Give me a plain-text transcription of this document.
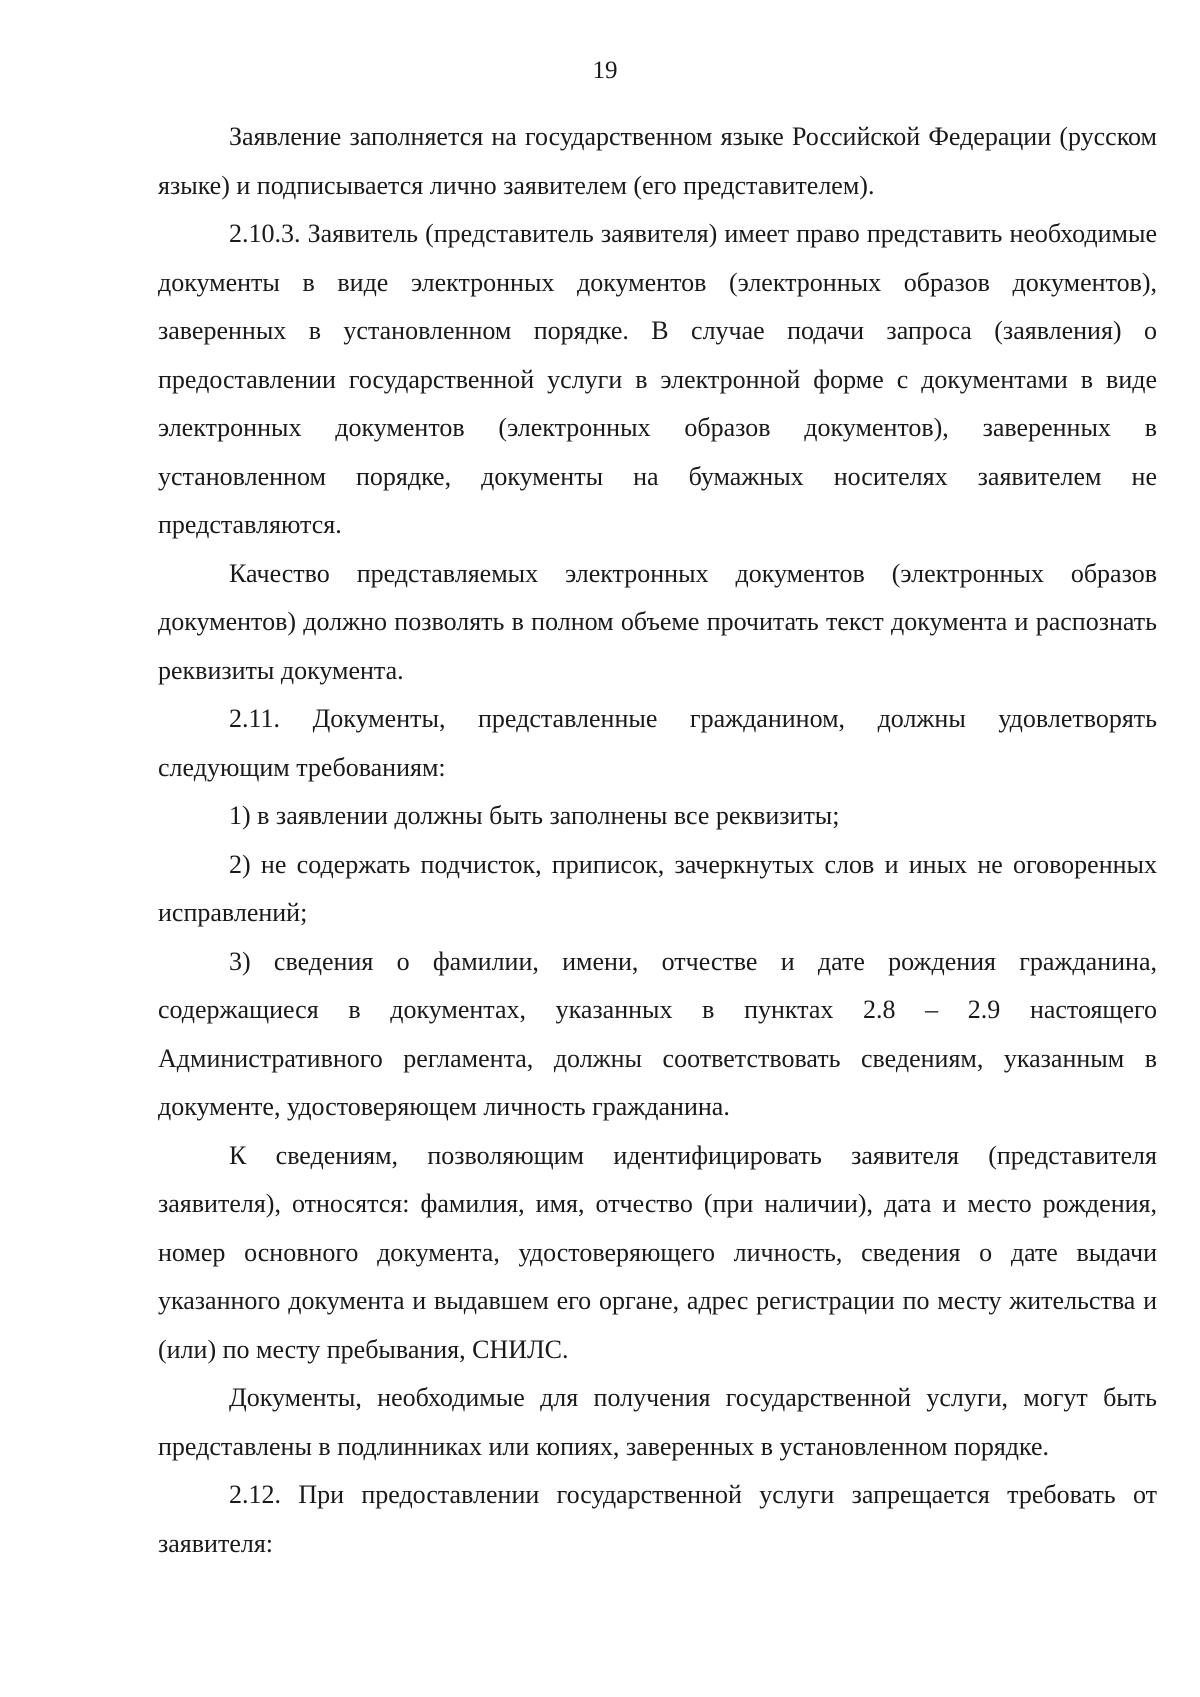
19

Заявление заполняется на государственном языке Российской Федерации (русском языке) и подписывается лично заявителем (его представителем).

2.10.3. Заявитель (представитель заявителя) имеет право представить необходимые документы в виде электронных документов (электронных образов документов), заверенных в установленном порядке. В случае подачи запроса (заявления) о предоставлении государственной услуги в электронной форме с документами в виде электронных документов (электронных образов документов), заверенных в установленном порядке, документы на бумажных носителях заявителем не представляются.

Качество представляемых электронных документов (электронных образов документов) должно позволять в полном объеме прочитать текст документа и распознать реквизиты документа.

2.11. Документы, представленные гражданином, должны удовлетворять следующим требованиям:

1) в заявлении должны быть заполнены все реквизиты;

2) не содержать подчисток, приписок, зачеркнутых слов и иных не оговоренных исправлений;

3) сведения о фамилии, имени, отчестве и дате рождения гражданина, содержащиеся в документах, указанных в пунктах 2.8 – 2.9 настоящего Административного регламента, должны соответствовать сведениям, указанным в документе, удостоверяющем личность гражданина.

К сведениям, позволяющим идентифицировать заявителя (представителя заявителя), относятся: фамилия, имя, отчество (при наличии), дата и место рождения, номер основного документа, удостоверяющего личность, сведения о дате выдачи указанного документа и выдавшем его органе, адрес регистрации по месту жительства и (или) по месту пребывания, СНИЛС.

Документы, необходимые для получения государственной услуги, могут быть представлены в подлинниках или копиях, заверенных в установленном порядке.

2.12. При предоставлении государственной услуги запрещается требовать от заявителя:
